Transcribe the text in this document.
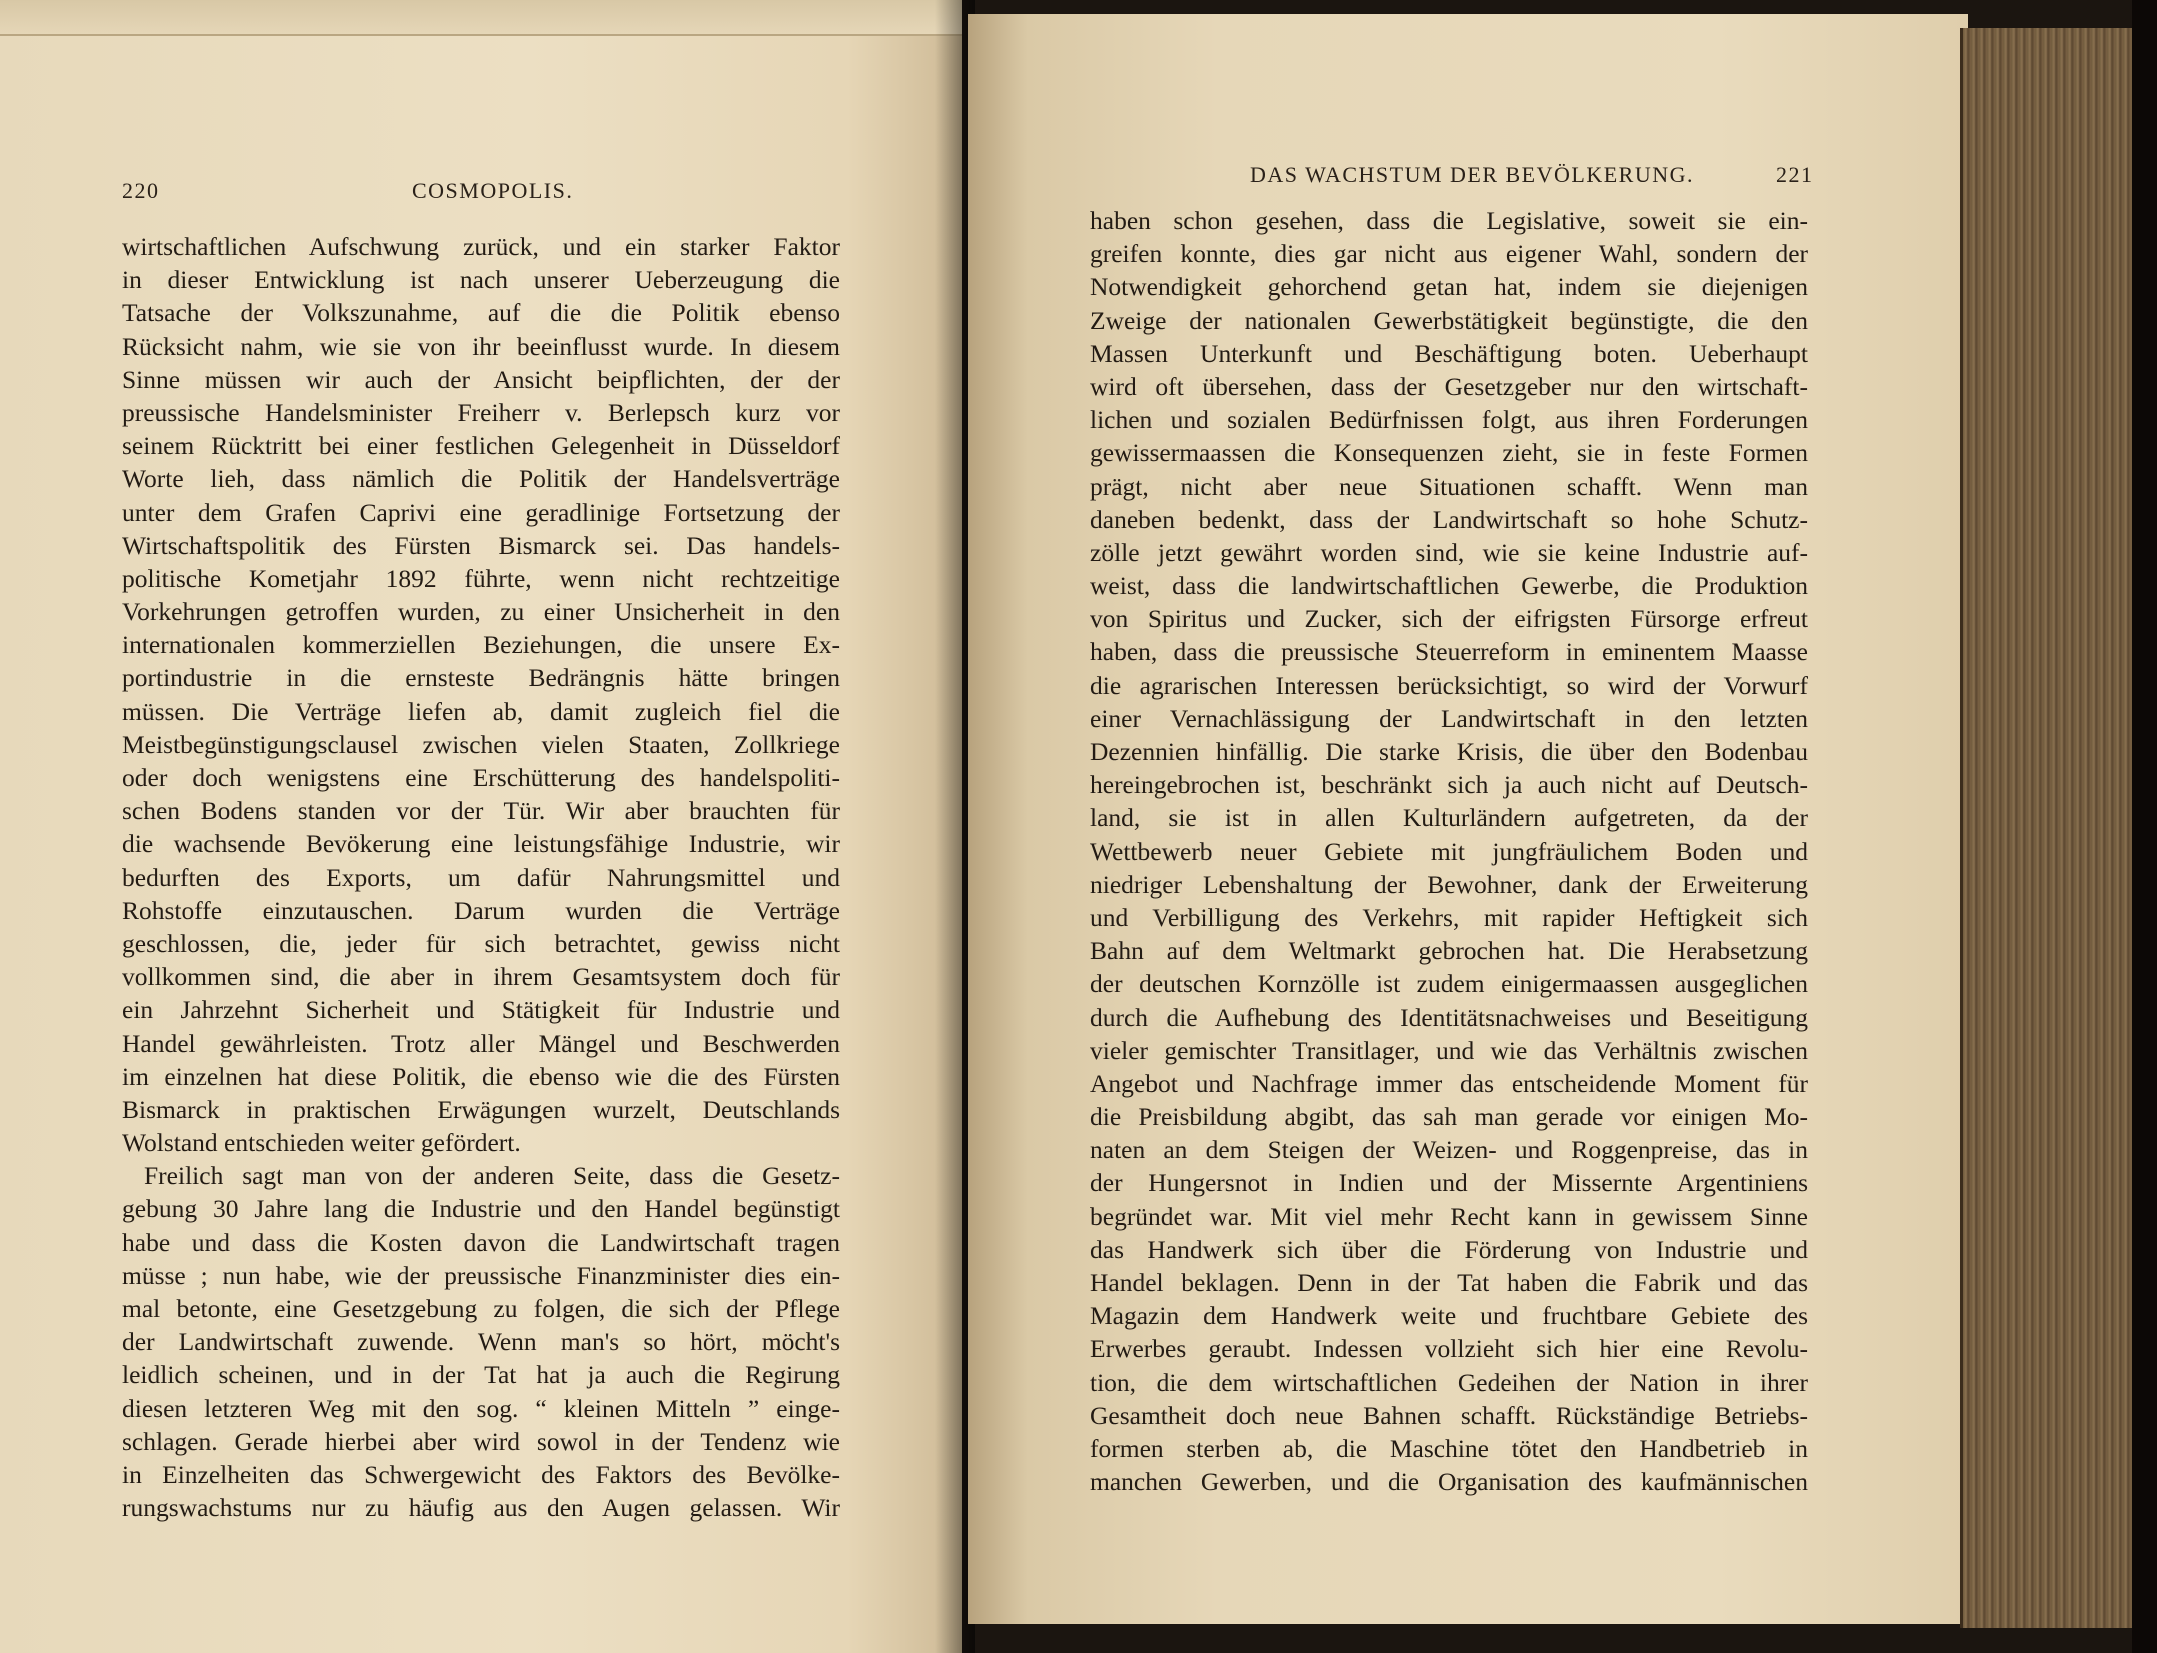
220	COSMOPOLIS.
wirtschaftlichen Aufschwung zurück, und ein starker Faktor
in dieser Entwicklung ist nach unserer Ueberzeugung die
Tatsache der Volkszunahme, auf die die Politik ebenso
Rücksicht nahm, wie sie von ihr beeinflusst wurde. In diesem
Sinne müssen wir auch der Ansicht beipflichten, der der
preussische Handelsminister Freiherr v. Berlepsch kurz vor
seinem Rücktritt bei einer festlichen Gelegenheit in Düsseldorf
Worte lieh, dass nämlich die Politik der Handelsverträge
unter dem Grafen Caprivi eine geradlinige Fortsetzung der
Wirtschaftspolitik des Fürsten Bismarck sei. Das handels-
politische Kometjahr 1892 führte, wenn nicht rechtzeitige
Vorkehrungen getroffen wurden, zu einer Unsicherheit in den
internationalen kommerziellen Beziehungen, die unsere Ex-
portindustrie in die ernsteste Bedrängnis hätte bringen
müssen. Die Verträge liefen ab, damit zugleich fiel die
Meistbegünstigungsclausel zwischen vielen Staaten, Zollkriege
oder doch wenigstens eine Erschütterung des handelspoliti-
schen Bodens standen vor der Tür. Wir aber brauchten für
die wachsende Bevökerung eine leistungsfähige Industrie, wir
bedurften des Exports, um dafür Nahrungsmittel und
Rohstoffe einzutauschen. Darum wurden die Verträge
geschlossen, die, jeder für sich betrachtet, gewiss nicht
vollkommen sind, die aber in ihrem Gesamtsystem doch für
ein Jahrzehnt Sicherheit und Stätigkeit für Industrie und
Handel gewährleisten. Trotz aller Mängel und Beschwerden
im einzelnen hat diese Politik, die ebenso wie die des Fürsten
Bismarck in praktischen Erwägungen wurzelt, Deutschlands
Wolstand entschieden weiter gefördert.
Freilich sagt man von der anderen Seite, dass die Gesetz-
gebung 30 Jahre lang die Industrie und den Handel begünstigt
habe und dass die Kosten davon die Landwirtschaft tragen
müsse ; nun habe, wie der preussische Finanzminister dies ein-
mal betonte, eine Gesetzgebung zu folgen, die sich der Pflege
der Landwirtschaft zuwende. Wenn man's so hört, möcht's
leidlich scheinen, und in der Tat hat ja auch die Regirung
diesen letzteren Weg mit den sog. “ kleinen Mitteln ” einge-
schlagen. Gerade hierbei aber wird sowol in der Tendenz wie
in Einzelheiten das Schwergewicht des Faktors des Bevölke-
rungswachstums nur zu häufig aus den Augen gelassen. Wir
DAS WACHSTUM DER BEVÖLKERUNG.	221
haben schon gesehen, dass die Legislative, soweit sie ein-
greifen konnte, dies gar nicht aus eigener Wahl, sondern der
Notwendigkeit gehorchend getan hat, indem sie diejenigen
Zweige der nationalen Gewerbstätigkeit begünstigte, die den
Massen Unterkunft und Beschäftigung boten. Ueberhaupt
wird oft übersehen, dass der Gesetzgeber nur den wirtschaft-
lichen und sozialen Bedürfnissen folgt, aus ihren Forderungen
gewissermaassen die Konsequenzen zieht, sie in feste Formen
prägt, nicht aber neue Situationen schafft. Wenn man
daneben bedenkt, dass der Landwirtschaft so hohe Schutz-
zölle jetzt gewährt worden sind, wie sie keine Industrie auf-
weist, dass die landwirtschaftlichen Gewerbe, die Produktion
von Spiritus und Zucker, sich der eifrigsten Fürsorge erfreut
haben, dass die preussische Steuerreform in eminentem Maasse
die agrarischen Interessen berücksichtigt, so wird der Vorwurf
einer Vernachlässigung der Landwirtschaft in den letzten
Dezennien hinfällig. Die starke Krisis, die über den Bodenbau
hereingebrochen ist, beschränkt sich ja auch nicht auf Deutsch-
land, sie ist in allen Kulturländern aufgetreten, da der
Wettbewerb neuer Gebiete mit jungfräulichem Boden und
niedriger Lebenshaltung der Bewohner, dank der Erweiterung
und Verbilligung des Verkehrs, mit rapider Heftigkeit sich
Bahn auf dem Weltmarkt gebrochen hat. Die Herabsetzung
der deutschen Kornzölle ist zudem einigermaassen ausgeglichen
durch die Aufhebung des Identitätsnachweises und Beseitigung
vieler gemischter Transitlager, und wie das Verhältnis zwischen
Angebot und Nachfrage immer das entscheidende Moment für
die Preisbildung abgibt, das sah man gerade vor einigen Mo-
naten an dem Steigen der Weizen- und Roggenpreise, das in
der Hungersnot in Indien und der Missernte Argentiniens
begründet war. Mit viel mehr Recht kann in gewissem Sinne
das Handwerk sich über die Förderung von Industrie und
Handel beklagen. Denn in der Tat haben die Fabrik und das
Magazin dem Handwerk weite und fruchtbare Gebiete des
Erwerbes geraubt. Indessen vollzieht sich hier eine Revolu-
tion, die dem wirtschaftlichen Gedeihen der Nation in ihrer
Gesamtheit doch neue Bahnen schafft. Rückständige Betriebs-
formen sterben ab, die Maschine tötet den Handbetrieb in
manchen Gewerben, und die Organisation des kaufmännischen
